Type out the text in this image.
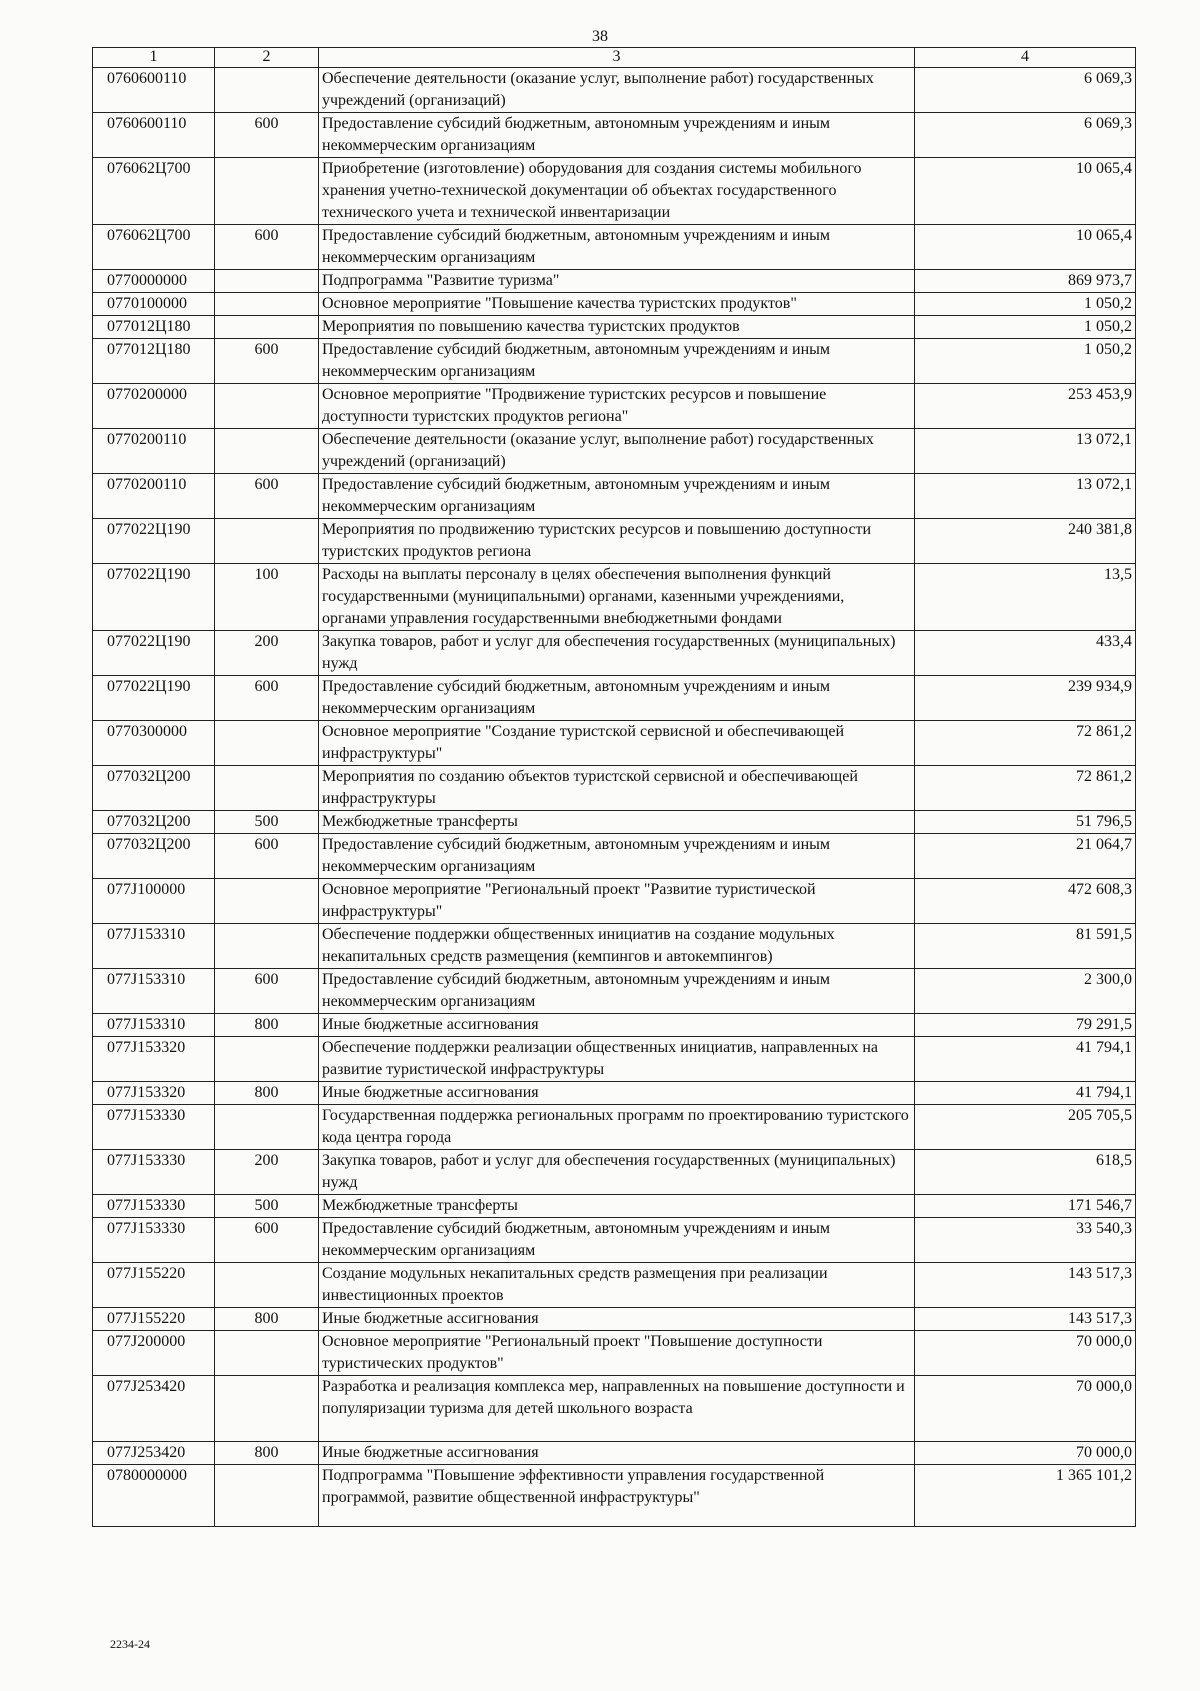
38
1	2	3	4
0760600110		Обеспечение деятельности (оказание услуг, выполнение работ) государственных учреждений (организаций)	6 069,3
0760600110	600	Предоставление субсидий бюджетным, автономным учреждениям и иным некоммерческим организациям	6 069,3
076062Ц700		Приобретение (изготовление) оборудования для создания системы мобильного хранения учетно-технической документации об объектах государственного технического учета и технической инвентаризации	10 065,4
076062Ц700	600	Предоставление субсидий бюджетным, автономным учреждениям и иным некоммерческим организациям	10 065,4
0770000000		Подпрограмма "Развитие туризма"	869 973,7
0770100000		Основное мероприятие "Повышение качества туристских продуктов"	1 050,2
077012Ц180		Мероприятия по повышению качества туристских продуктов	1 050,2
077012Ц180	600	Предоставление субсидий бюджетным, автономным учреждениям и иным некоммерческим организациям	1 050,2
0770200000		Основное мероприятие "Продвижение туристских ресурсов и повышение доступности туристских продуктов региона"	253 453,9
0770200110		Обеспечение деятельности (оказание услуг, выполнение работ) государственных учреждений (организаций)	13 072,1
0770200110	600	Предоставление субсидий бюджетным, автономным учреждениям и иным некоммерческим организациям	13 072,1
077022Ц190		Мероприятия по продвижению туристских ресурсов и повышению доступности туристских продуктов региона	240 381,8
077022Ц190	100	Расходы на выплаты персоналу в целях обеспечения выполнения функций государственными (муниципальными) органами, казенными учреждениями, органами управления государственными внебюджетными фондами	13,5
077022Ц190	200	Закупка товаров, работ и услуг для обеспечения государственных (муниципальных) нужд	433,4
077022Ц190	600	Предоставление субсидий бюджетным, автономным учреждениям и иным некоммерческим организациям	239 934,9
0770300000		Основное мероприятие "Создание туристской сервисной и обеспечивающей инфраструктуры"	72 861,2
077032Ц200		Мероприятия по созданию объектов туристской сервисной и обеспечивающей инфраструктуры	72 861,2
077032Ц200	500	Межбюджетные трансферты	51 796,5
077032Ц200	600	Предоставление субсидий бюджетным, автономным учреждениям и иным некоммерческим организациям	21 064,7
077J100000		Основное мероприятие "Региональный проект "Развитие туристической инфраструктуры"	472 608,3
077J153310		Обеспечение поддержки общественных инициатив на создание модульных некапитальных средств размещения (кемпингов и автокемпингов)	81 591,5
077J153310	600	Предоставление субсидий бюджетным, автономным учреждениям и иным некоммерческим организациям	2 300,0
077J153310	800	Иные бюджетные ассигнования	79 291,5
077J153320		Обеспечение поддержки реализации общественных инициатив, направленных на развитие туристической инфраструктуры	41 794,1
077J153320	800	Иные бюджетные ассигнования	41 794,1
077J153330		Государственная поддержка региональных программ по проектированию туристского кода центра города	205 705,5
077J153330	200	Закупка товаров, работ и услуг для обеспечения государственных (муниципальных) нужд	618,5
077J153330	500	Межбюджетные трансферты	171 546,7
077J153330	600	Предоставление субсидий бюджетным, автономным учреждениям и иным некоммерческим организациям	33 540,3
077J155220		Создание модульных некапитальных средств размещения при реализации инвестиционных проектов	143 517,3
077J155220	800	Иные бюджетные ассигнования	143 517,3
077J200000		Основное мероприятие "Региональный проект "Повышение доступности туристических продуктов"	70 000,0
077J253420		Разработка и реализация комплекса мер, направленных на повышение доступности и популяризации туризма для детей школьного возраста	70 000,0
077J253420	800	Иные бюджетные ассигнования	70 000,0
0780000000		Подпрограмма "Повышение эффективности управления государственной программой, развитие общественной инфраструктуры"	1 365 101,2
2234-24
